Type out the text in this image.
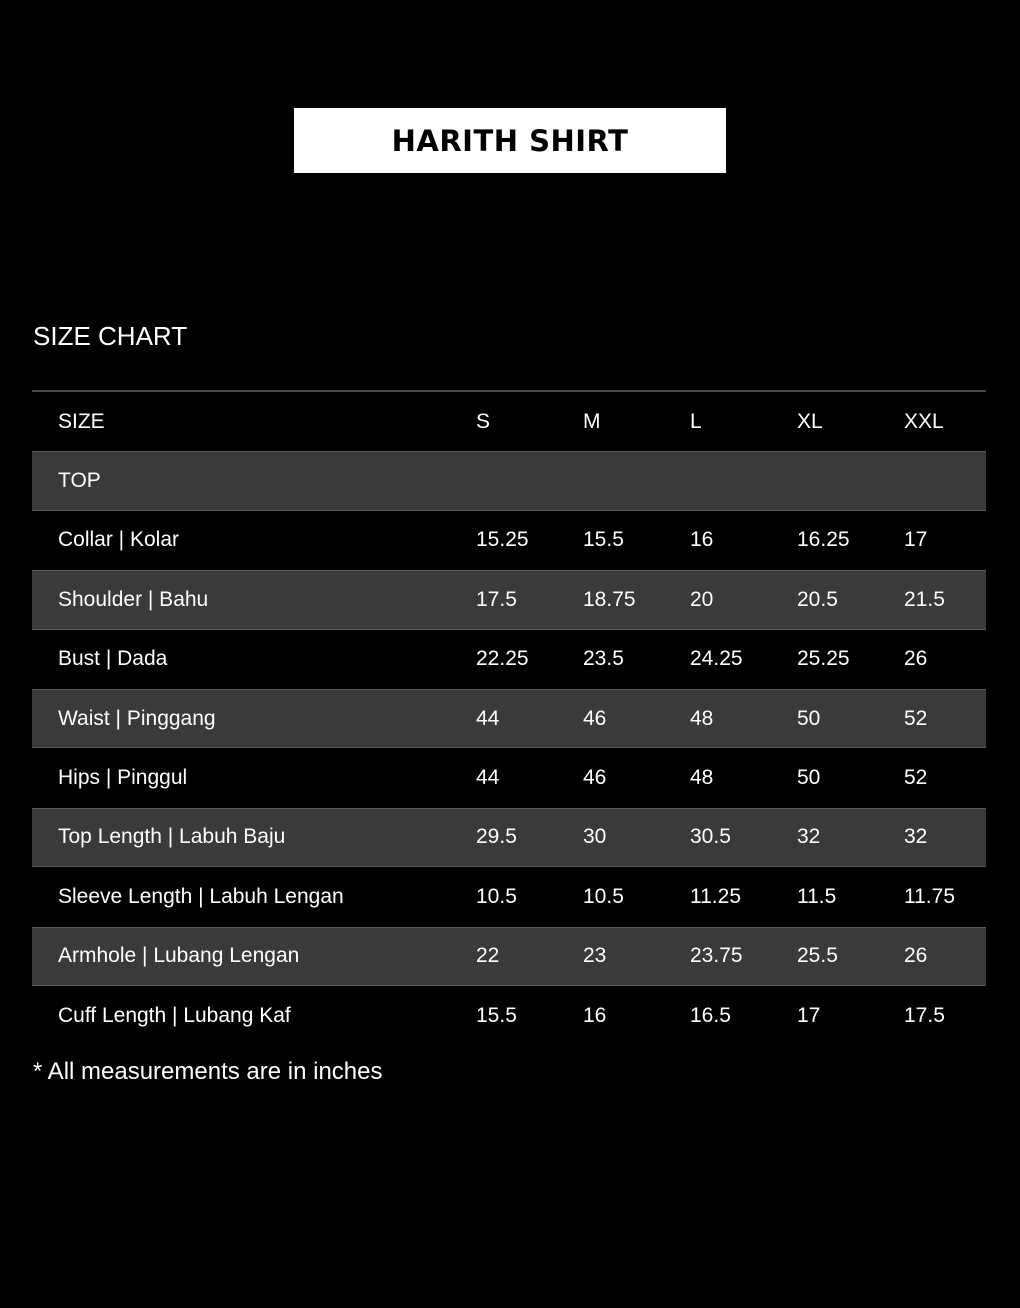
HARITH SHIRT
SIZE CHART
SIZE	S	M	L	XL	XXL
TOP
Collar | Kolar	15.25	15.5	16	16.25	17
Shoulder | Bahu	17.5	18.75	20	20.5	21.5
Bust | Dada	22.25	23.5	24.25	25.25	26
Waist | Pinggang	44	46	48	50	52
Hips | Pinggul	44	46	48	50	52
Top Length | Labuh Baju	29.5	30	30.5	32	32
Sleeve Length | Labuh Lengan	10.5	10.5	11.25	11.5	11.75
Armhole | Lubang Lengan	22	23	23.75	25.5	26
Cuff Length | Lubang Kaf	15.5	16	16.5	17	17.5
* All measurements are in inches
